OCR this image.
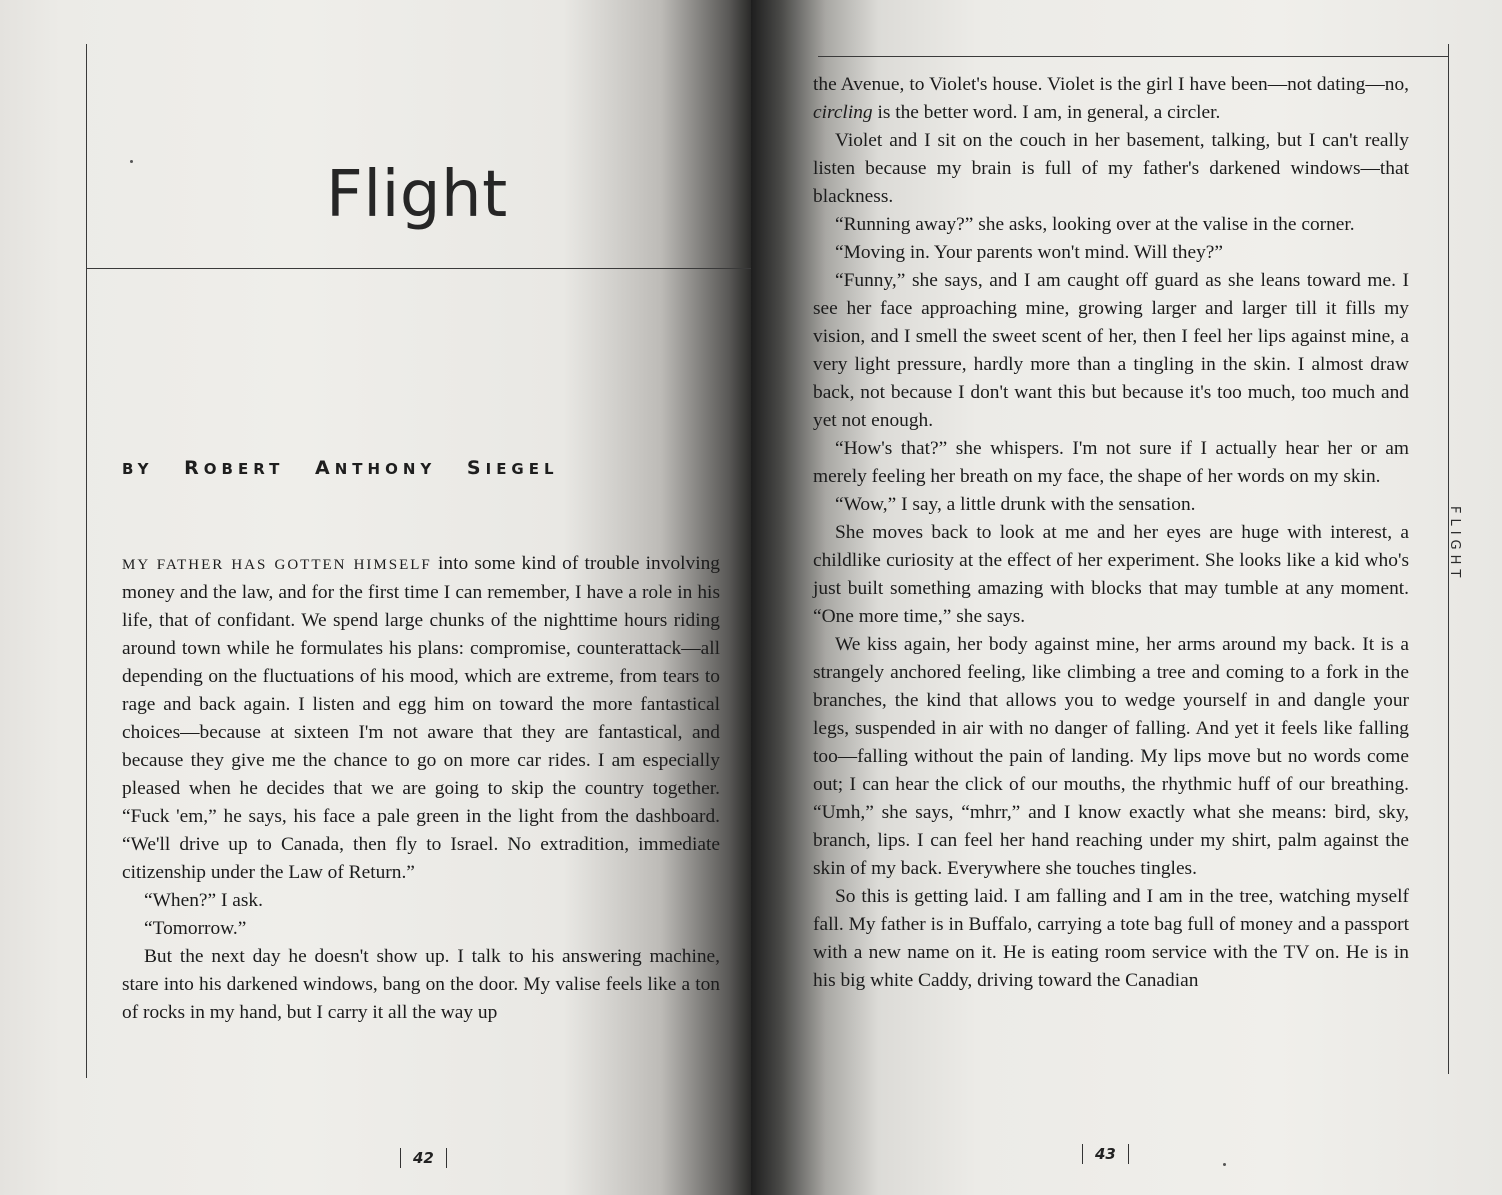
Flight
BY ROBERT ANTHONY SIEGEL

MY FATHER HAS GOTTEN HIMSELF into some kind of trouble involving money and the law, and for the first time I can remember, I have a role in his life, that of confidant. We spend large chunks of the nighttime hours riding around town while he formulates his plans: compromise, counterattack—all depending on the fluctuations of his mood, which are extreme, from tears to rage and back again. I listen and egg him on toward the more fantastical choices—because at sixteen I'm not aware that they are fantastical, and because they give me the chance to go on more car rides. I am especially pleased when he decides that we are going to skip the country together. “Fuck 'em,” he says, his face a pale green in the light from the dashboard. “We'll drive up to Canada, then fly to Israel. No extradition, immediate citizenship under the Law of Return.”

“When?” I ask.

“Tomorrow.”

But the next day he doesn't show up. I talk to his answering machine, stare into his darkened windows, bang on the door. My valise feels like a ton of rocks in my hand, but I carry it all the way up

42	43

the Avenue, to Violet's house. Violet is the girl I have been—not dating—no, circling is the better word. I am, in general, a circler.

Violet and I sit on the couch in her basement, talking, but I can't really listen because my brain is full of my father's darkened windows—that blackness.

“Running away?” she asks, looking over at the valise in the corner.

“Moving in. Your parents won't mind. Will they?”

“Funny,” she says, and I am caught off guard as she leans toward me. I see her face approaching mine, growing larger and larger till it fills my vision, and I smell the sweet scent of her, then I feel her lips against mine, a very light pressure, hardly more than a tingling in the skin. I almost draw back, not because I don't want this but because it's too much, too much and yet not enough.

“How's that?” she whispers. I'm not sure if I actually hear her or am merely feeling her breath on my face, the shape of her words on my skin.

“Wow,” I say, a little drunk with the sensation.

She moves back to look at me and her eyes are huge with interest, a childlike curiosity at the effect of her experiment. She looks like a kid who's just built something amazing with blocks that may tumble at any moment. “One more time,” she says.

We kiss again, her body against mine, her arms around my back. It is a strangely anchored feeling, like climbing a tree and coming to a fork in the branches, the kind that allows you to wedge yourself in and dangle your legs, suspended in air with no danger of falling. And yet it feels like falling too—falling without the pain of landing. My lips move but no words come out; I can hear the click of our mouths, the rhythmic huff of our breathing. “Umh,” she says, “mhrr,” and I know exactly what she means: bird, sky, branch, lips. I can feel her hand reaching under my shirt, palm against the skin of my back. Everywhere she touches tingles.

So this is getting laid. I am falling and I am in the tree, watching myself fall. My father is in Buffalo, carrying a tote bag full of money and a passport with a new name on it. He is eating room service with the TV on. He is in his big white Caddy, driving toward the Canadian

FLIGHT
